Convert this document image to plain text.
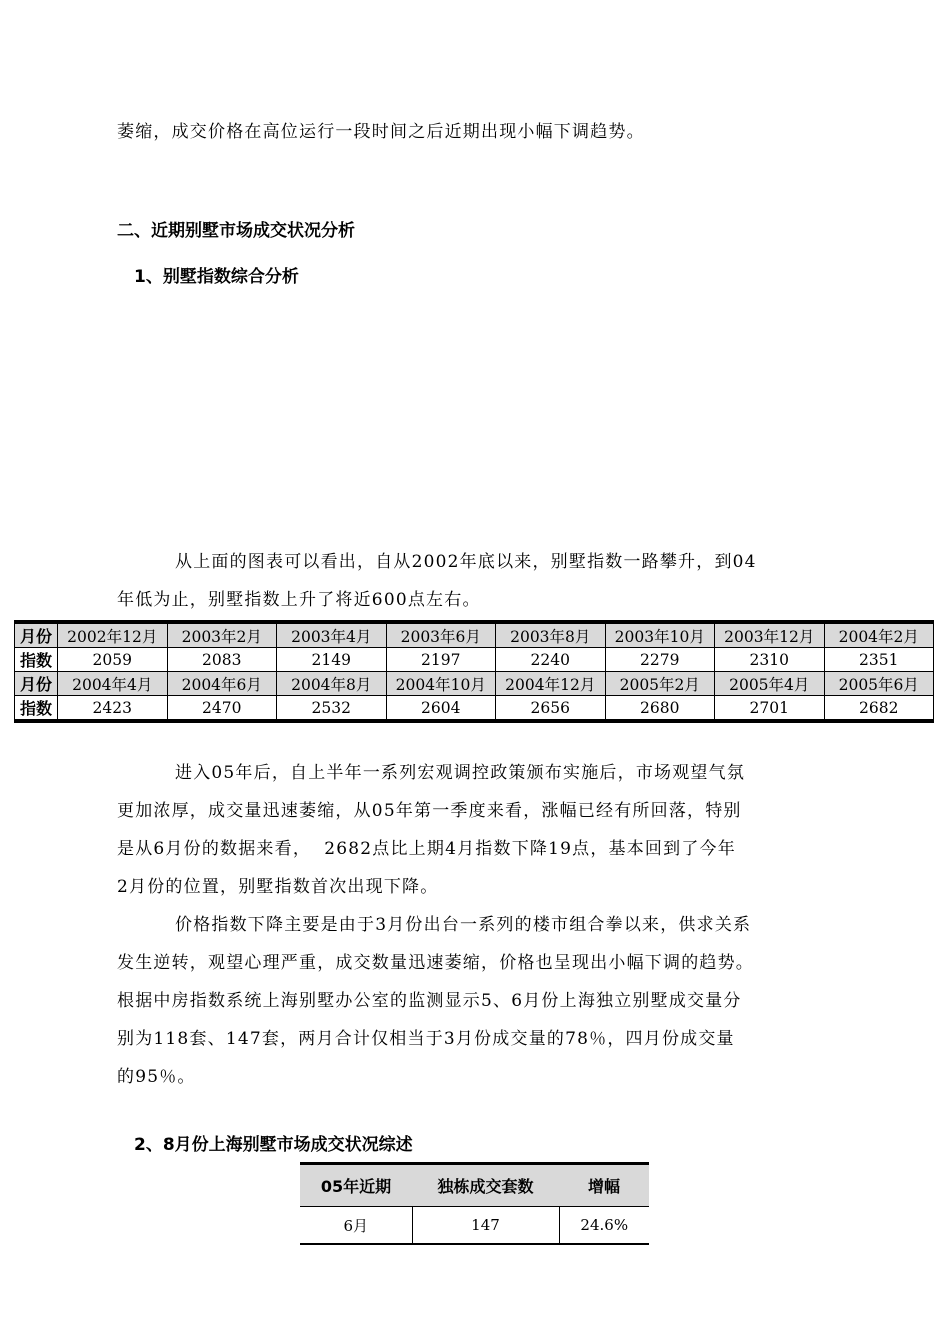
萎缩，成交价格在高位运行一段时间之后近期出现小幅下调趋势。
二、近期别墅市场成交状况分析
1、别墅指数综合分析
从上面的图表可以看出，自从2002年底以来，别墅指数一路攀升，到04
年低为止，别墅指数上升了将近600点左右。
月份	2002年12月	2003年2月	2003年4月	2003年6月	2003年8月	2003年10月	2003年12月	2004年2月
指数	2059	2083	2149	2197	2240	2279	2310	2351
月份	2004年4月	2004年6月	2004年8月	2004年10月	2004年12月	2005年2月	2005年4月	2005年6月
指数	2423	2470	2532	2604	2656	2680	2701	2682
进入05年后，自上半年一系列宏观调控政策颁布实施后，市场观望气氛
更加浓厚，成交量迅速萎缩，从05年第一季度来看，涨幅已经有所回落，特别
是从6月份的数据来看，  2682点比上期4月指数下降19点，基本回到了今年
2月份的位置，别墅指数首次出现下降。
价格指数下降主要是由于3月份出台一系列的楼市组合拳以来，供求关系
发生逆转，观望心理严重，成交数量迅速萎缩，价格也呈现出小幅下调的趋势。
根据中房指数系统上海别墅办公室的监测显示5、6月份上海独立别墅成交量分
别为118套、147套，两月合计仅相当于3月份成交量的78％，四月份成交量
的95％。
2、8月份上海别墅市场成交状况综述
05年近期	独栋成交套数	增幅
6月	147	24.6%
